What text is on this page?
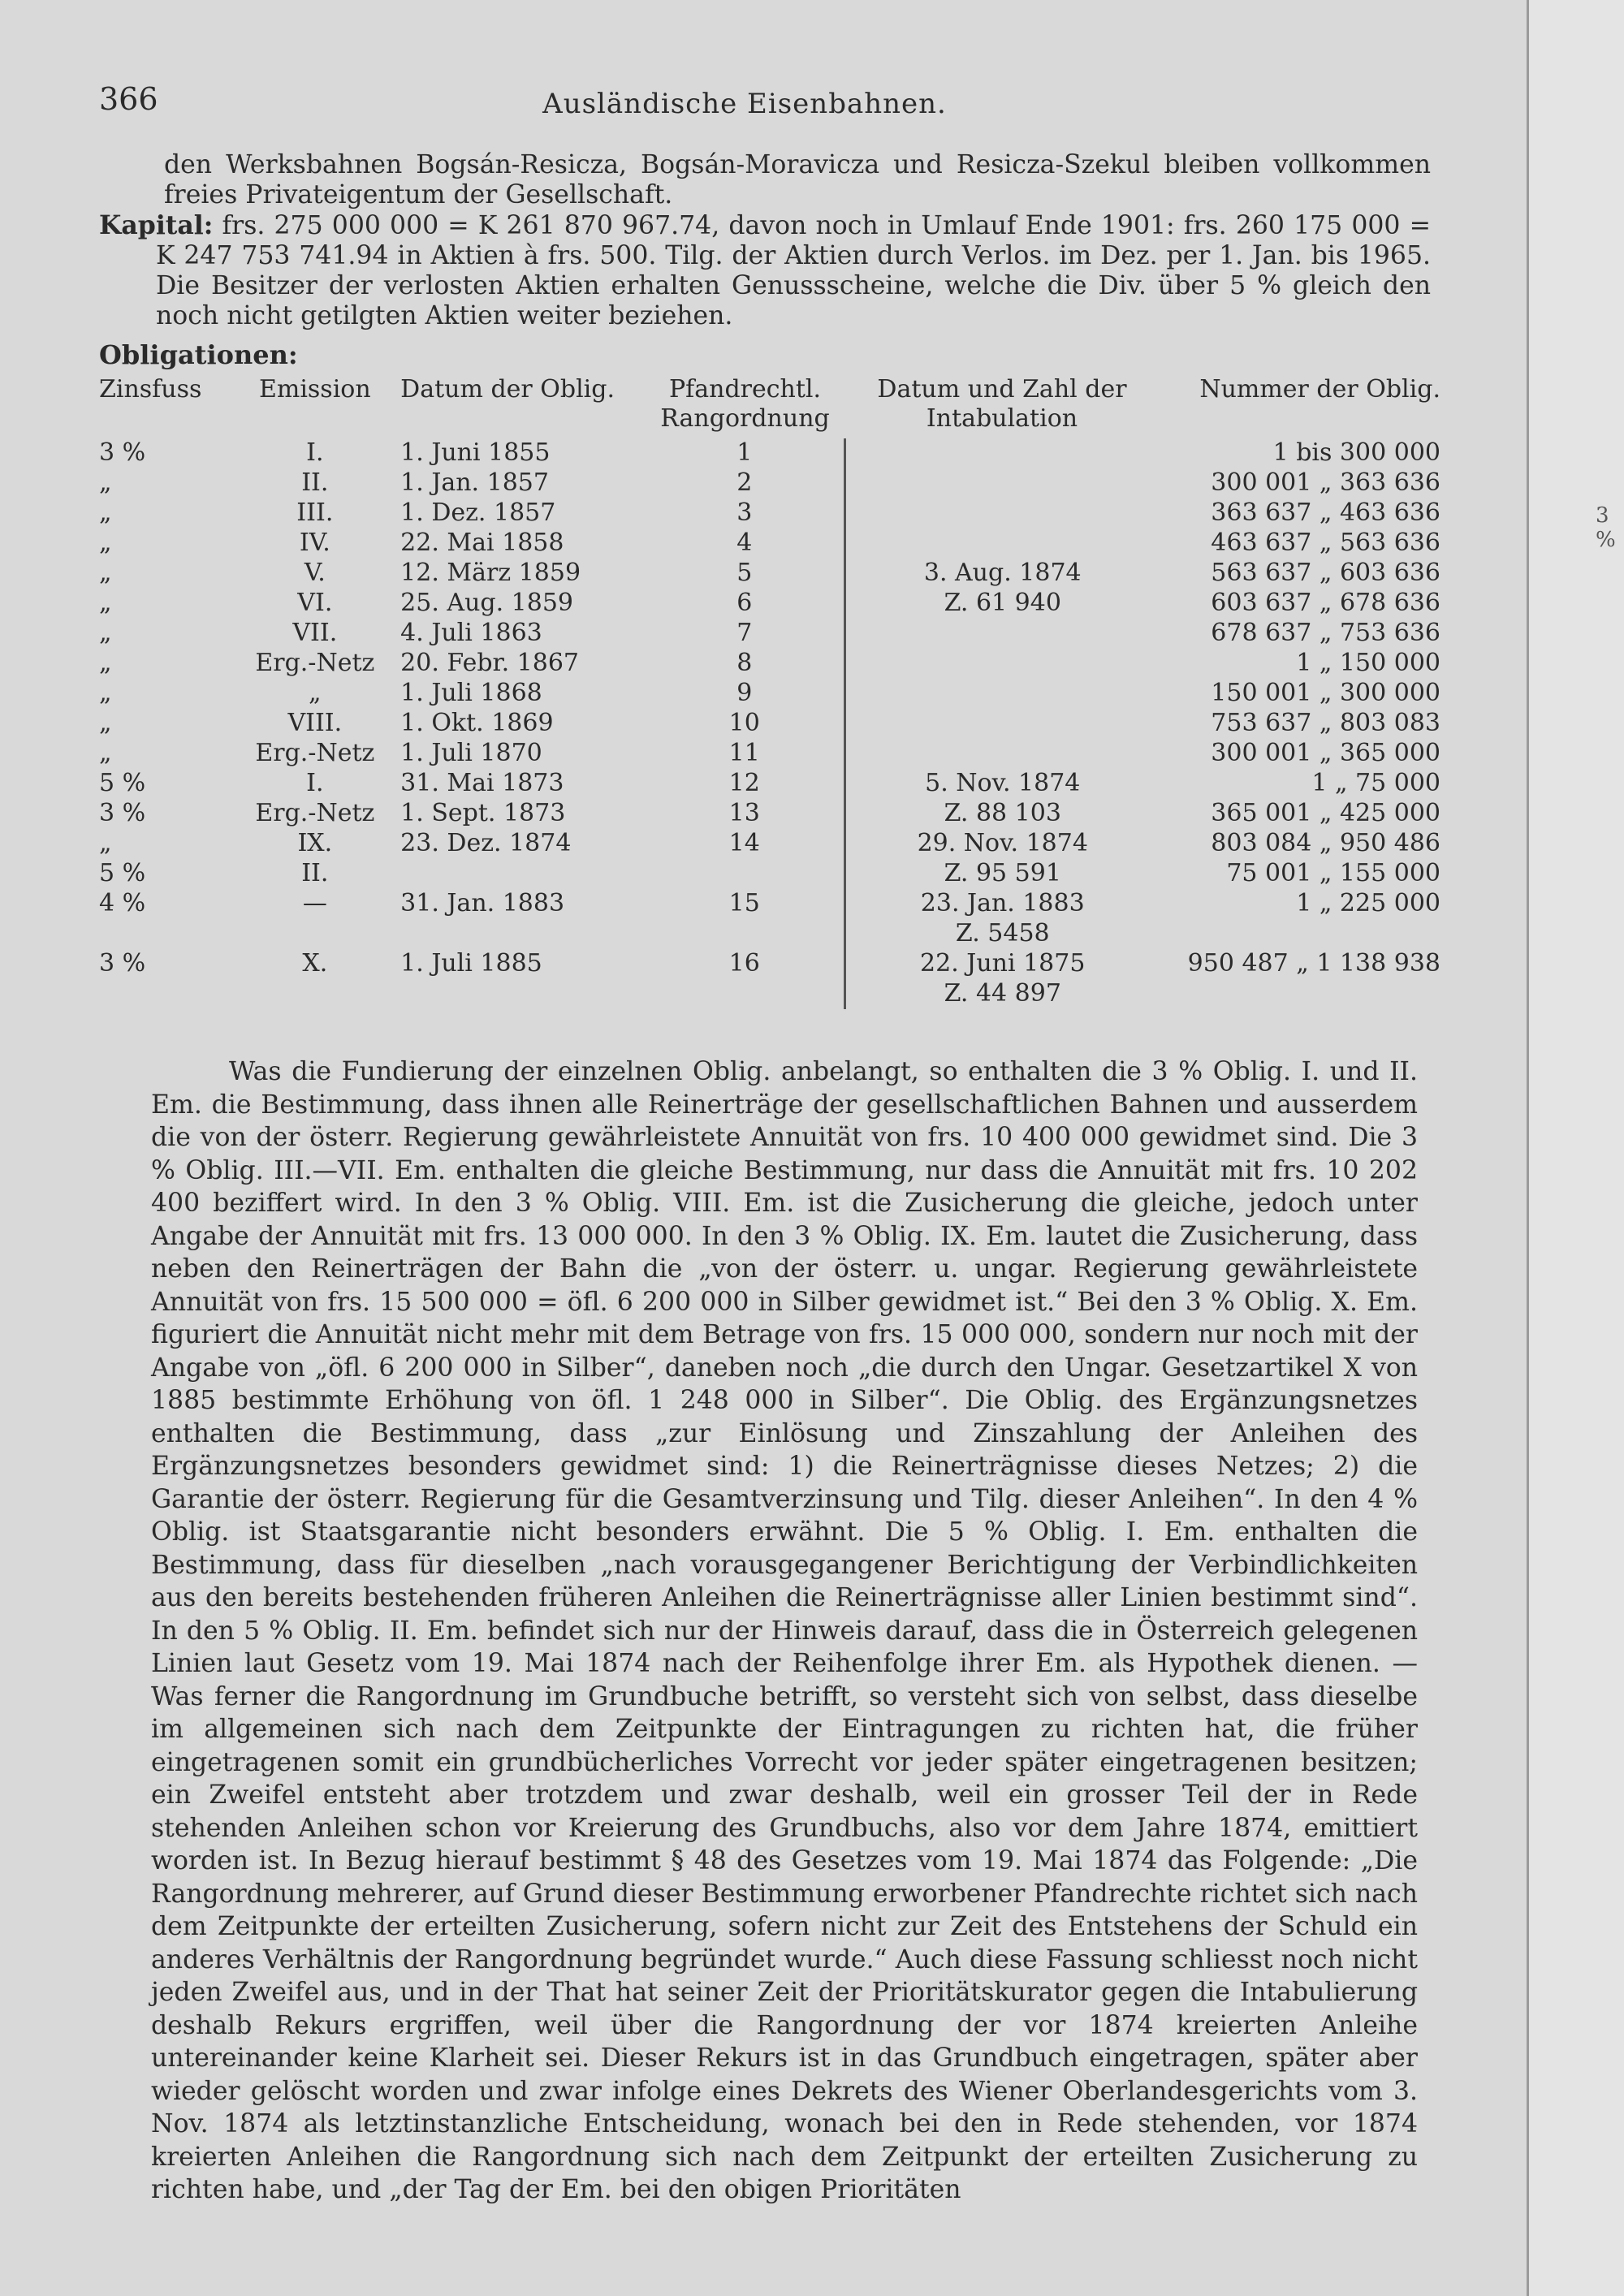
366	Ausländische Eisenbahnen.

den Werksbahnen Bogsán-Resicza, Bogsán-Moravicza und Resicza-Szekul bleiben vollkommen freies Privateigentum der Gesellschaft.

Kapital: frs. 275 000 000 = K 261 870 967.74, davon noch in Umlauf Ende 1901: frs. 260 175 000 = K 247 753 741.94 in Aktien à frs. 500. Tilg. der Aktien durch Verlos. im Dez. per 1. Jan. bis 1965. Die Besitzer der verlosten Aktien erhalten Genussscheine, welche die Div. über 5 % gleich den noch nicht getilgten Aktien weiter beziehen.

Obligationen:
Zinsfuss	Emission	Datum der Oblig.	Pfandrechtl. Rangordnung	Datum und Zahl der Intabulation	Nummer der Oblig.
3 %	I.	1. Juni 1855	1		1 bis 300 000
„	II.	1. Jan. 1857	2		300 001 „ 363 636
„	III.	1. Dez. 1857	3		363 637 „ 463 636
„	IV.	22. Mai 1858	4		463 637 „ 563 636
„	V.	12. März 1859	5	3. Aug. 1874	563 637 „ 603 636
„	VI.	25. Aug. 1859	6	Z. 61 940	603 637 „ 678 636
„	VII.	4. Juli 1863	7		678 637 „ 753 636
„	Erg.-Netz	20. Febr. 1867	8		1 „ 150 000
„	„	1. Juli 1868	9		150 001 „ 300 000
„	VIII.	1. Okt. 1869	10		753 637 „ 803 083
„	Erg.-Netz	1. Juli 1870	11		300 001 „ 365 000
5 %	I.	31. Mai 1873	12	5. Nov. 1874	1 „ 75 000
3 %	Erg.-Netz	1. Sept. 1873	13	Z. 88 103	365 001 „ 425 000
„	IX.	23. Dez. 1874	14	29. Nov. 1874	803 084 „ 950 486
5 %	II.			Z. 95 591	75 001 „ 155 000
4 %	—	31. Jan. 1883	15	23. Jan. 1883	1 „ 225 000
				Z. 5458	
3 %	X.	1. Juli 1885	16	22. Juni 1875	950 487 „ 1 138 938
				Z. 44 897	

Was die Fundierung der einzelnen Oblig. anbelangt, so enthalten die 3 % Oblig. I. und II. Em. die Bestimmung, dass ihnen alle Reinerträge der gesellschaftlichen Bahnen und ausserdem die von der österr. Regierung gewährleistete Annuität von frs. 10 400 000 gewidmet sind. Die 3 % Oblig. III.—VII. Em. enthalten die gleiche Bestimmung, nur dass die Annuität mit frs. 10 202 400 beziffert wird. In den 3 % Oblig. VIII. Em. ist die Zusicherung die gleiche, jedoch unter Angabe der Annuität mit frs. 13 000 000. In den 3 % Oblig. IX. Em. lautet die Zusicherung, dass neben den Reinerträgen der Bahn die „von der österr. u. ungar. Regierung gewährleistete Annuität von frs. 15 500 000 = öfl. 6 200 000 in Silber gewidmet ist.“ Bei den 3 % Oblig. X. Em. figuriert die Annuität nicht mehr mit dem Betrage von frs. 15 000 000, sondern nur noch mit der Angabe von „öfl. 6 200 000 in Silber“, daneben noch „die durch den Ungar. Gesetzartikel X von 1885 bestimmte Erhöhung von öfl. 1 248 000 in Silber“. Die Oblig. des Ergänzungsnetzes enthalten die Bestimmung, dass „zur Einlösung und Zinszahlung der Anleihen des Ergänzungsnetzes besonders gewidmet sind: 1) die Reinerträgnisse dieses Netzes; 2) die Garantie der österr. Regierung für die Gesamtverzinsung und Tilg. dieser Anleihen“. In den 4 % Oblig. ist Staatsgarantie nicht besonders erwähnt. Die 5 % Oblig. I. Em. enthalten die Bestimmung, dass für dieselben „nach vorausgegangener Berichtigung der Verbindlichkeiten aus den bereits bestehenden früheren Anleihen die Reinerträgnisse aller Linien bestimmt sind“. In den 5 % Oblig. II. Em. befindet sich nur der Hinweis darauf, dass die in Österreich gelegenen Linien laut Gesetz vom 19. Mai 1874 nach der Reihenfolge ihrer Em. als Hypothek dienen. — Was ferner die Rangordnung im Grundbuche betrifft, so versteht sich von selbst, dass dieselbe im allgemeinen sich nach dem Zeitpunkte der Eintragungen zu richten hat, die früher eingetragenen somit ein grundbücherliches Vorrecht vor jeder später eingetragenen besitzen; ein Zweifel entsteht aber trotzdem und zwar deshalb, weil ein grosser Teil der in Rede stehenden Anleihen schon vor Kreierung des Grundbuchs, also vor dem Jahre 1874, emittiert worden ist. In Bezug hierauf bestimmt § 48 des Gesetzes vom 19. Mai 1874 das Folgende: „Die Rangordnung mehrerer, auf Grund dieser Bestimmung erworbener Pfandrechte richtet sich nach dem Zeitpunkte der erteilten Zusicherung, sofern nicht zur Zeit des Entstehens der Schuld ein anderes Verhältnis der Rangordnung begründet wurde.“ Auch diese Fassung schliesst noch nicht jeden Zweifel aus, und in der That hat seiner Zeit der Prioritätskurator gegen die Intabulierung deshalb Rekurs ergriffen, weil über die Rangordnung der vor 1874 kreierten Anleihe untereinander keine Klarheit sei. Dieser Rekurs ist in das Grundbuch eingetragen, später aber wieder gelöscht worden und zwar infolge eines Dekrets des Wiener Oberlandesgerichts vom 3. Nov. 1874 als letztinstanzliche Entscheidung, wonach bei den in Rede stehenden, vor 1874 kreierten Anleihen die Rangordnung sich nach dem Zeitpunkt der erteilten Zusicherung zu richten habe, und „der Tag der Em. bei den obigen Prioritäten

3 %
